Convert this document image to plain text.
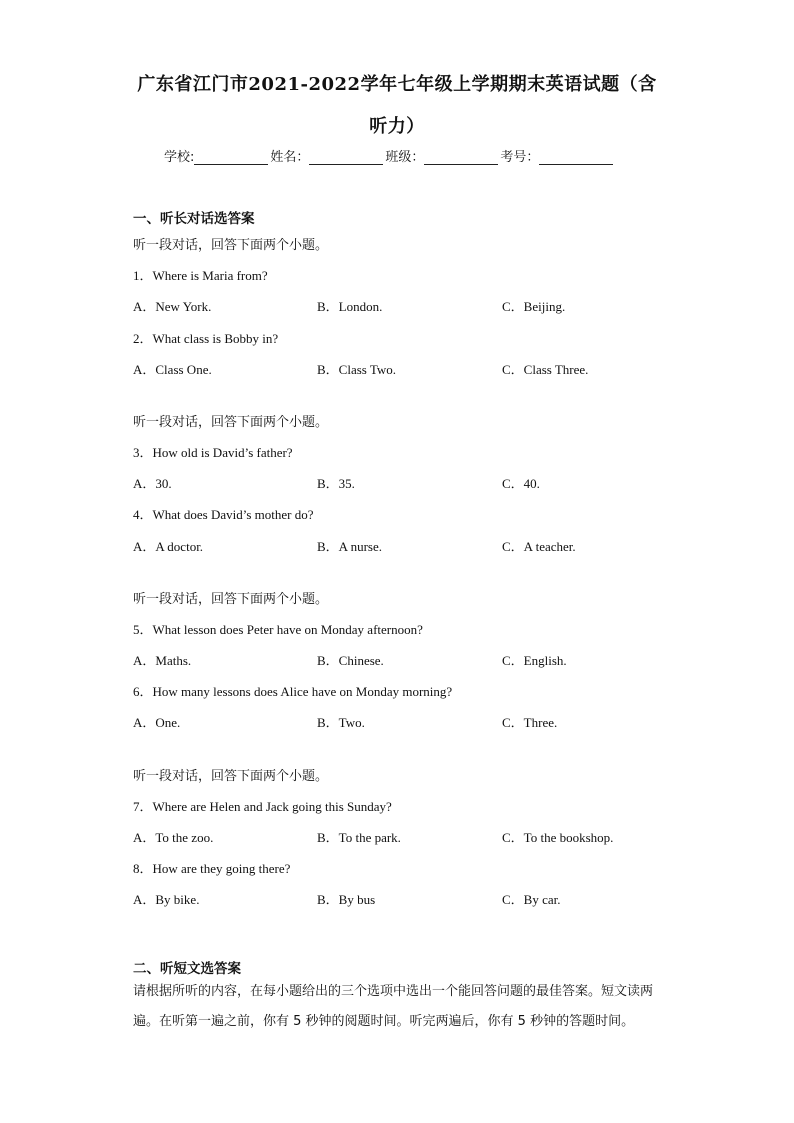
广东省江门市2021-2022学年七年级上学期期末英语试题（含
听力）
学校:	姓名：	班级：	考号：
一、听长对话选答案
听一段对话，回答下面两个小题。
1．Where is Maria from?
A．New York.	B．London.	C．Beijing.
2．What class is Bobby in?
A．Class One.	B．Class Two.	C．Class Three.
听一段对话，回答下面两个小题。
3．How old is David’s father?
A．30.	B．35.	C．40.
4．What does David’s mother do?
A．A doctor.	B．A nurse.	C．A teacher.
听一段对话，回答下面两个小题。
5．What lesson does Peter have on Monday afternoon?
A．Maths.	B．Chinese.	C．English.
6．How many lessons does Alice have on Monday morning?
A．One.	B．Two.	C．Three.
听一段对话，回答下面两个小题。
7．Where are Helen and Jack going this Sunday?
A．To the zoo.	B．To the park.	C．To the bookshop.
8．How are they going there?
A．By bike.	B．By bus	C．By car.
二、听短文选答案
请根据所听的内容，在每小题给出的三个选项中选出一个能回答问题的最佳答案。短文读两遍。在听第一遍之前，你有 5 秒钟的阅题时间。听完两遍后，你有 5 秒钟的答题时间。
